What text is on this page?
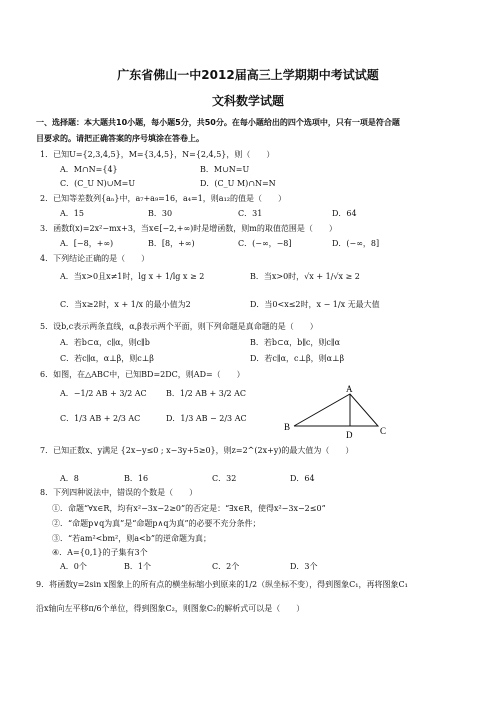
广东省佛山一中2012届高三上学期期中考试试题
文科数学试题
一、选择题：本大题共10小题，每小题5分，共50分。在每小题给出的四个选项中，只有一项是符合题
目要求的。请把正确答案的序号填涂在答卷上。
1．已知U={2,3,4,5}，M={3,4,5}，N={2,4,5}，则（　　）
A．M∩N={4}	B．M∪N=U
C．(C_U N)∪M=U	D．(C_U M)∩N=N
2．已知等差数列{aₙ}中，a₇+a₉=16，a₄=1，则a₁₂的值是（　　）
A．15	B．30	C．31	D．64
3．函数f(x)=2x²−mx+3，当x∈[−2,+∞)时是增函数，则m的取值范围是（　　）
A．[−8，+∞)	B．[8，+∞)	C．(−∞，−8]	D．(−∞，8]
4．下列结论正确的是（　　）
A．当x>0且x≠1时，lg x + 1/lg x ≥ 2	B．当x>0时，√x + 1/√x ≥ 2
C．当x≥2时，x + 1/x 的最小值为2	D．当0<x≤2时，x − 1/x 无最大值
5．设b,c表示两条直线，α,β表示两个平面，则下列命题是真命题的是（　　）
A．若b⊂α，c∥α，则c∥b	B．若b⊂α，b∥c，则c∥α
C．若c∥α，α⊥β，则c⊥β	D．若c∥α，c⊥β，则α⊥β
6．如图，在△ABC中，已知BD=2DC，则AD=（　　）
A．−1/2 AB + 3/2 AC B．1/2 AB + 3/2 AC
C．1/3 AB + 2/3 AC	D．1/3 AB − 2/3 AC
A
B
D	C
7．已知正数x、y满足 {2x−y≤0 ; x−3y+5≥0}，则z=2^(2x+y)的最大值为（　　）
A．8	B．16	C．32	D．64
8．下列四种说法中，错误的个数是（　　）
①．命题“∀x∈R，均有x²−3x−2≥0”的否定是：“∃x∈R，使得x²−3x−2≤0”
②．“命题p∨q为真”是“命题p∧q为真”的必要不充分条件；
③．“若am²<bm²，则a<b”的逆命题为真；
④．A={0,1}的子集有3个
A．0个	B．1个	C．2个	D．3个
9．将函数y=2sin x图象上的所有点的横坐标缩小到原来的1/2（纵坐标不变），得到图象C₁，再将图象C₁
沿x轴向左平移π/6个单位，得到图象C₂，则图象C₂的解析式可以是（　　）
